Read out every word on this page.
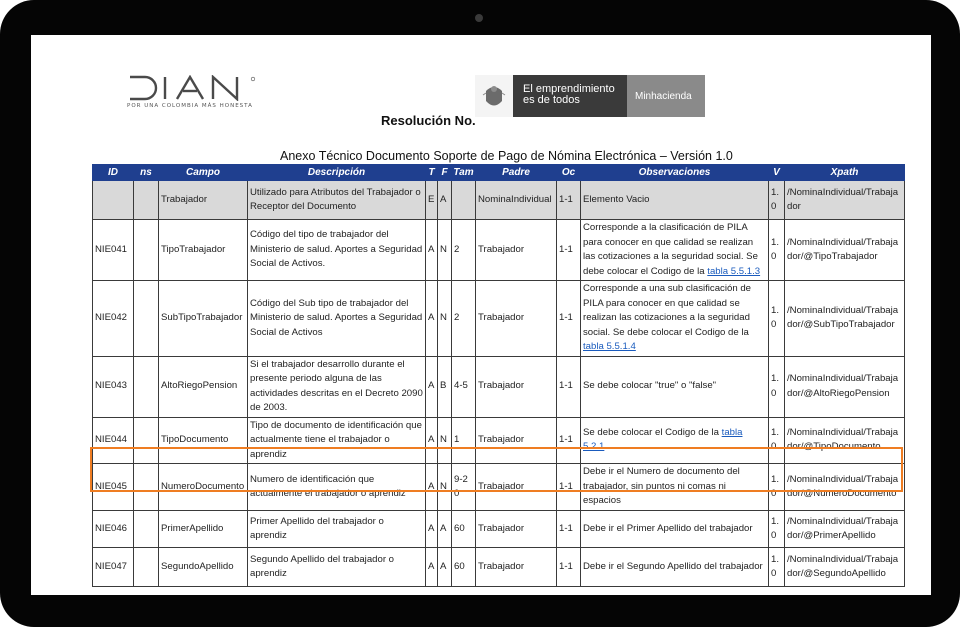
POR UNA COLOMBIA MÁS HONESTA
El emprendimiento
es de todos	Minhacienda
Resolución No.
Anexo Técnico Documento Soporte de Pago de Nómina Electrónica – Versión 1.0
ID	ns	Campo	Descripción	T	F	Tam	Padre	Oc	Observaciones	V	Xpath
		Trabajador	Utilizado para Atributos del Trabajador o Receptor del Documento	E	A		NominaIndividual	1-1	Elemento Vacio	1.0	/NominaIndividual/Trabajador
NIE041		TipoTrabajador	Código del tipo de trabajador del Ministerio de salud. Aportes a Seguridad Social de Activos.	A	N	2	Trabajador	1-1	Corresponde a la clasificación de PILA para conocer en que calidad se realizan las cotizaciones a la seguridad social. Se debe colocar el Codigo de la tabla 5.5.1.3	1.0	/NominaIndividual/Trabajador/@TipoTrabajador
NIE042		SubTipoTrabajador	Código del Sub tipo de trabajador del Ministerio de salud. Aportes a Seguridad Social de Activos	A	N	2	Trabajador	1-1	Corresponde a una sub clasificación de PILA para conocer en que calidad se realizan las cotizaciones a la seguridad social. Se debe colocar el Codigo de la tabla 5.5.1.4	1.0	/NominaIndividual/Trabajador/@SubTipoTrabajador
NIE043		AltoRiegoPension	Si el trabajador desarrollo durante el presente periodo alguna de las actividades descritas en el Decreto 2090 de 2003.	A	B	4-5	Trabajador	1-1	Se debe colocar "true" o "false"	1.0	/NominaIndividual/Trabajador/@AltoRiegoPension
NIE044		TipoDocumento	Tipo de documento de identificación que actualmente tiene el trabajador o aprendiz	A	N	1	Trabajador	1-1	Se debe colocar el Codigo de la tabla 5.2.1	1.0	/NominaIndividual/Trabajador/@TipoDocumento
NIE045		NumeroDocumento	Numero de identificación que actualmente el trabajador o aprendiz	A	N	9-20	Trabajador	1-1	Debe ir el Numero de documento del trabajador, sin puntos ni comas ni espacios	1.0	/NominaIndividual/Trabajador/@NumeroDocumento
NIE046		PrimerApellido	Primer Apellido del trabajador o aprendiz	A	A	60	Trabajador	1-1	Debe ir el Primer Apellido del trabajador	1.0	/NominaIndividual/Trabajador/@PrimerApellido
NIE047		SegundoApellido	Segundo Apellido del trabajador o aprendiz	A	A	60	Trabajador	1-1	Debe ir el Segundo Apellido del trabajador	1.0	/NominaIndividual/Trabajador/@SegundoApellido
